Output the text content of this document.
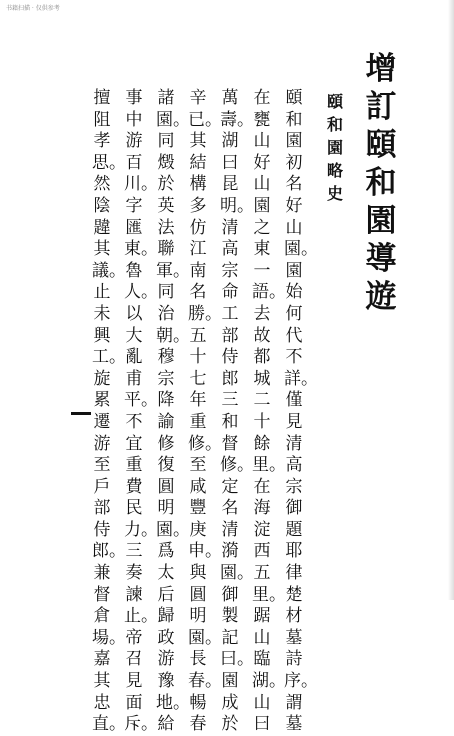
书籍扫描 · 仅供参考
增訂頤和園導遊
頤和園略史
頤和園初名好山園。園始何代不詳。僅見清高宗御題耶律楚材墓詩序。謂墓
在甕山好山園之東一語。去故都城二十餘里。在海淀西五里。踞山臨湖。山曰
萬壽。湖曰昆明。清高宗命工部侍郎三和督修。定名清漪園。御製記曰。園成於
辛已。其結構多仿江南名勝。五十七年重修。至咸豐庚申。與圓明園。長春。暢春
諸園。同燬於英法聯軍。同治朝。穆宗降諭修復圓明園。爲太后歸政游豫地。給
事中游百川。字匯東。魯人。以大亂甫平。不宜重費民力。三奏諫止。帝召見面斥。
擅阻孝思。然陰韙其議。止未興工。旋累遷游至戶部侍郎。兼督倉場。嘉其忠直。
